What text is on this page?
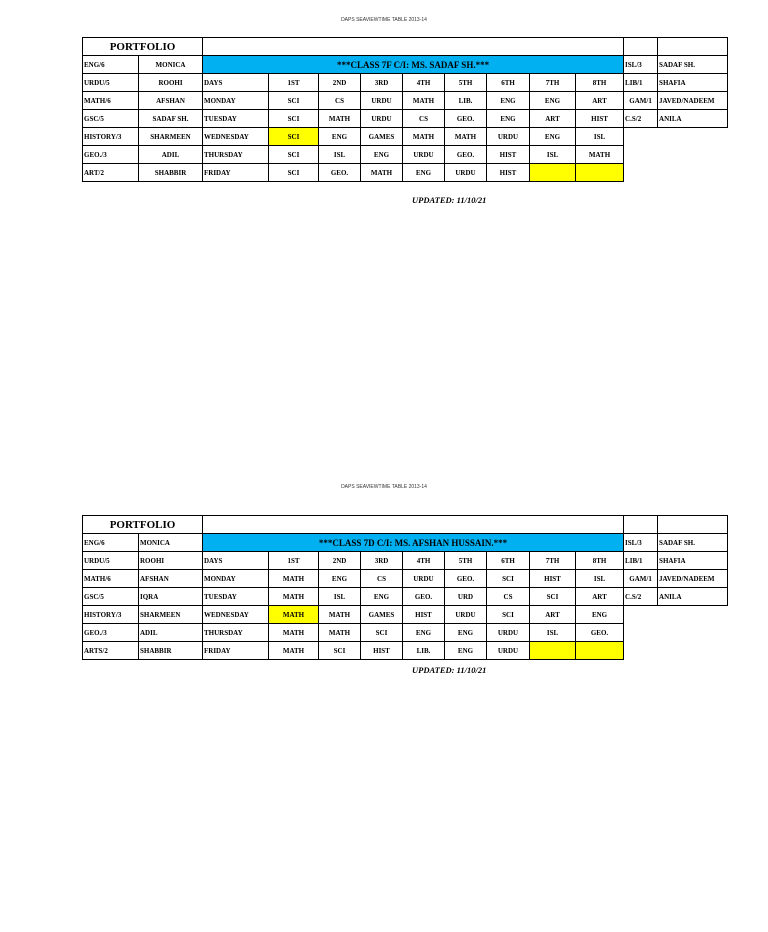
DAPS SEAVIEWTIME TABLE 2013-14
PORTFOLIO												
ENG/6	MONICA	***CLASS 7F C/I: MS. SADAF SH.***									ISL/3	SADAF SH.
URDU/5	ROOHI	DAYS	1ST	2ND	3RD	4TH	5TH	6TH	7TH	8TH	LIB/1	SHAFIA
MATH/6	AFSHAN	MONDAY	SCI	CS	URDU	MATH	LIB.	ENG	ENG	ART	GAM/1	JAVED/NADEEM
GSC/5	SADAF SH.	TUESDAY	SCI	MATH	URDU	CS	GEO.	ENG	ART	HIST	C.S/2	ANILA
HISTORY/3	SHARMEEN	WEDNESDAY	SCI	ENG	GAMES	MATH	MATH	URDU	ENG	ISL		
GEO./3	ADIL	THURSDAY	SCI	ISL	ENG	URDU	GEO.	HIST	ISL	MATH		
ART/2	SHABBIR	FRIDAY	SCI	GEO.	MATH	ENG	URDU	HIST				
UPDATED: 11/10/21
DAPS SEAVIEWTIME TABLE 2013-14
PORTFOLIO												
ENG/6	MONICA	***CLASS 7D C/I: MS. AFSHAN HUSSAIN.***									ISL/3	SADAF SH.
URDU/5	ROOHI	DAYS	1ST	2ND	3RD	4TH	5TH	6TH	7TH	8TH	LIB/1	SHAFIA
MATH/6	AFSHAN	MONDAY	MATH	ENG	CS	URDU	GEO.	SCI	HIST	ISL	GAM/1	JAVED/NADEEM
GSC/5	IQRA	TUESDAY	MATH	ISL	ENG	GEO.	URD	CS	SCI	ART	C.S/2	ANILA
HISTORY/3	SHARMEEN	WEDNESDAY	MATH	MATH	GAMES	HIST	URDU	SCI	ART	ENG		
GEO./3	ADIL	THURSDAY	MATH	MATH	SCI	ENG	ENG	URDU	ISL	GEO.		
ARTS/2	SHABBIR	FRIDAY	MATH	SCI	HIST	LIB.	ENG	URDU				
UPDATED: 11/10/21
